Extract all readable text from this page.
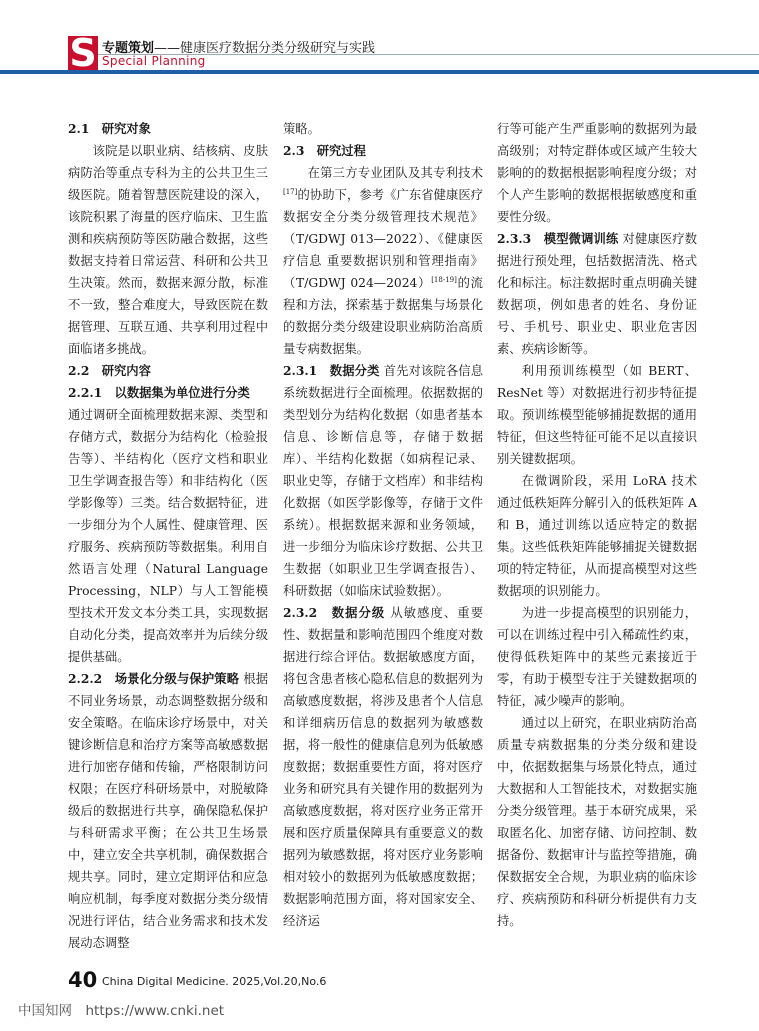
S 专题策划——健康医疗数据分类分级研究与实践
Special Planning

2.1　研究对象

该院是以职业病、结核病、皮肤病防治等重点专科为主的公共卫生三级医院。随着智慧医院建设的深入，该院积累了海量的医疗临床、卫生监测和疾病预防等医防融合数据，这些数据支持着日常运营、科研和公共卫生决策。然而，数据来源分散，标准不一致，整合难度大，导致医院在数据管理、互联互通、共享利用过程中面临诸多挑战。

2.2　研究内容

2.2.1　以数据集为单位进行分类

通过调研全面梳理数据来源、类型和存储方式，数据分为结构化（检验报告等）、半结构化（医疗文档和职业卫生学调查报告等）和非结构化（医学影像等）三类。结合数据特征，进一步细分为个人属性、健康管理、医疗服务、疾病预防等数据集。利用自然语言处理（Natural Language Processing，NLP）与人工智能模型技术开发文本分类工具，实现数据自动化分类，提高效率并为后续分级提供基础。

2.2.2　场景化分级与保护策略 根据不同业务场景，动态调整数据分级和安全策略。在临床诊疗场景中，对关键诊断信息和治疗方案等高敏感数据进行加密存储和传输，严格限制访问权限；在医疗科研场景中，对脱敏降级后的数据进行共享，确保隐私保护与科研需求平衡；在公共卫生场景中，建立安全共享机制，确保数据合规共享。同时，建立定期评估和应急响应机制，每季度对数据分类分级情况进行评估，结合业务需求和技术发展动态调整

策略。

2.3　研究过程

在第三方专业团队及其专利技术[17]的协助下，参考《广东省健康医疗数据安全分类分级管理技术规范》（T/GDWJ 013—2022）、《健康医疗信息 重要数据识别和管理指南》（T/GDWJ 024—2024）[18-19]的流程和方法，探索基于数据集与场景化的数据分类分级建设职业病防治高质量专病数据集。

2.3.1　数据分类 首先对该院各信息系统数据进行全面梳理。依据数据的类型划分为结构化数据（如患者基本信息、诊断信息等，存储于数据库）、半结构化数据（如病程记录、职业史等，存储于文档库）和非结构化数据（如医学影像等，存储于文件系统）。根据数据来源和业务领域，进一步细分为临床诊疗数据、公共卫生数据（如职业卫生学调查报告）、科研数据（如临床试验数据）。

2.3.2　数据分级 从敏感度、重要性、数据量和影响范围四个维度对数据进行综合评估。数据敏感度方面，将包含患者核心隐私信息的数据列为高敏感度数据，将涉及患者个人信息和详细病历信息的数据列为敏感数据，将一般性的健康信息列为低敏感度数据；数据重要性方面，将对医疗业务和研究具有关键作用的数据列为高敏感度数据，将对医疗业务正常开展和医疗质量保障具有重要意义的数据列为敏感数据，将对医疗业务影响相对较小的数据列为低敏感度数据；数据影响范围方面，将对国家安全、经济运

行等可能产生严重影响的数据列为最高级别；对特定群体或区域产生较大影响的的数据根据影响程度分级；对个人产生影响的数据根据敏感度和重要性分级。

2.3.3　模型微调训练 对健康医疗数据进行预处理，包括数据清洗、格式化和标注。标注数据时重点明确关键数据项，例如患者的姓名、身份证号、手机号、职业史、职业危害因素、疾病诊断等。

利用预训练模型（如 BERT、ResNet 等）对数据进行初步特征提取。预训练模型能够捕捉数据的通用特征，但这些特征可能不足以直接识别关键数据项。

在微调阶段，采用 LoRA 技术通过低秩矩阵分解引入的低秩矩阵 A 和 B，通过训练以适应特定的数据集。这些低秩矩阵能够捕捉关键数据项的特定特征，从而提高模型对这些数据项的识别能力。

为进一步提高模型的识别能力，可以在训练过程中引入稀疏性约束，使得低秩矩阵中的某些元素接近于零，有助于模型专注于关键数据项的特征，减少噪声的影响。

通过以上研究，在职业病防治高质量专病数据集的分类分级和建设中，依据数据集与场景化特点，通过大数据和人工智能技术，对数据实施分类分级管理。基于本研究成果，采取匿名化、加密存储、访问控制、数据备份、数据审计与监控等措施，确保数据安全合规，为职业病的临床诊疗、疾病预防和科研分析提供有力支持。

40 China Digital Medicine. 2025,Vol.20,No.6
中国知网　https://www.cnki.net
